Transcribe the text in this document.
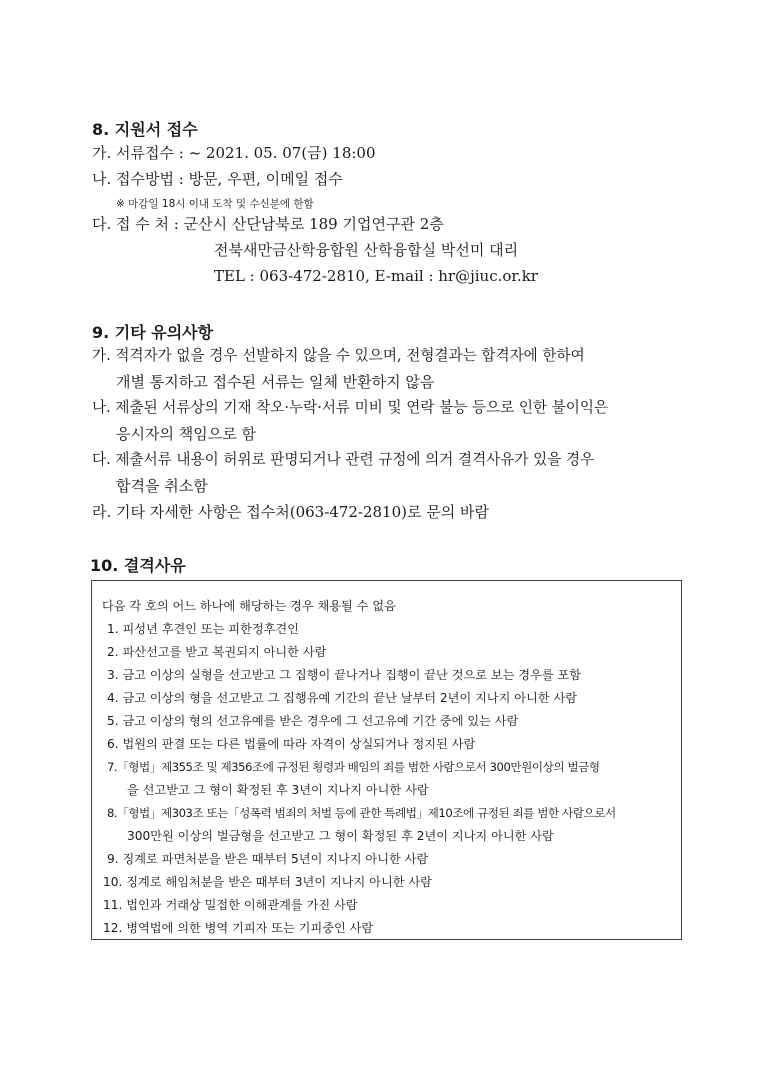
8. 지원서 접수
가. 서류접수 : ~ 2021. 05. 07(금) 18:00
나. 접수방법 : 방문, 우편, 이메일 접수
※ 마감일 18시 이내 도착 및 수신분에 한함
다. 접 수 처 : 군산시 산단남북로 189 기업연구관 2층
전북새만금산학융합원 산학융합실 박선미 대리
TEL : 063-472-2810, E-mail : hr@jiuc.or.kr
9. 기타 유의사항
가. 적격자가 없을 경우 선발하지 않을 수 있으며, 전형결과는 합격자에 한하여
개별 통지하고 접수된 서류는 일체 반환하지 않음
나. 제출된 서류상의 기재 착오·누락·서류 미비 및 연락 불능 등으로 인한 불이익은
응시자의 책임으로 함
다. 제출서류 내용이 허위로 판명되거나 관련 규정에 의거 결격사유가 있을 경우
합격을 취소함
라. 기타 자세한 사항은 접수처(063-472-2810)로 문의 바람
10. 결격사유
다음 각 호의 어느 하나에 해당하는 경우 채용될 수 없음
1. 피성년 후견인 또는 피한정후견인
2. 파산선고를 받고 복권되지 아니한 사람
3. 금고 이상의 실형을 선고받고 그 집행이 끝나거나 집행이 끝난 것으로 보는 경우를 포함
4. 금고 이상의 형을 선고받고 그 집행유예 기간의 끝난 날부터 2년이 지나지 아니한 사람
5. 금고 이상의 형의 선고유예를 받은 경우에 그 선고유예 기간 중에 있는 사람
6. 법원의 판결 또는 다른 법률에 따라 자격이 상실되거나 정지된 사람
7.「형법」제355조 및 제356조에 규정된 횡령과 배임의 죄를 범한 사람으로서 300만원이상의 벌금형
을 선고받고 그 형이 확정된 후 3년이 지나지 아니한 사람
8.「형법」제303조 또는「성폭력 범죄의 처벌 등에 관한 특례법」제10조에 규정된 죄를 범한 사람으로서
300만원 이상의 벌금형을 선고받고 그 형이 확정된 후 2년이 지나지 아니한 사람
9. 징계로 파면처분을 받은 때부터 5년이 지나지 아니한 사람
10. 징계로 해임처분을 받은 때부터 3년이 지나지 아니한 사람
11. 법인과 거래상 밀접한 이해관계를 가진 사람
12. 병역법에 의한 병역 기피자 또는 기피중인 사람
